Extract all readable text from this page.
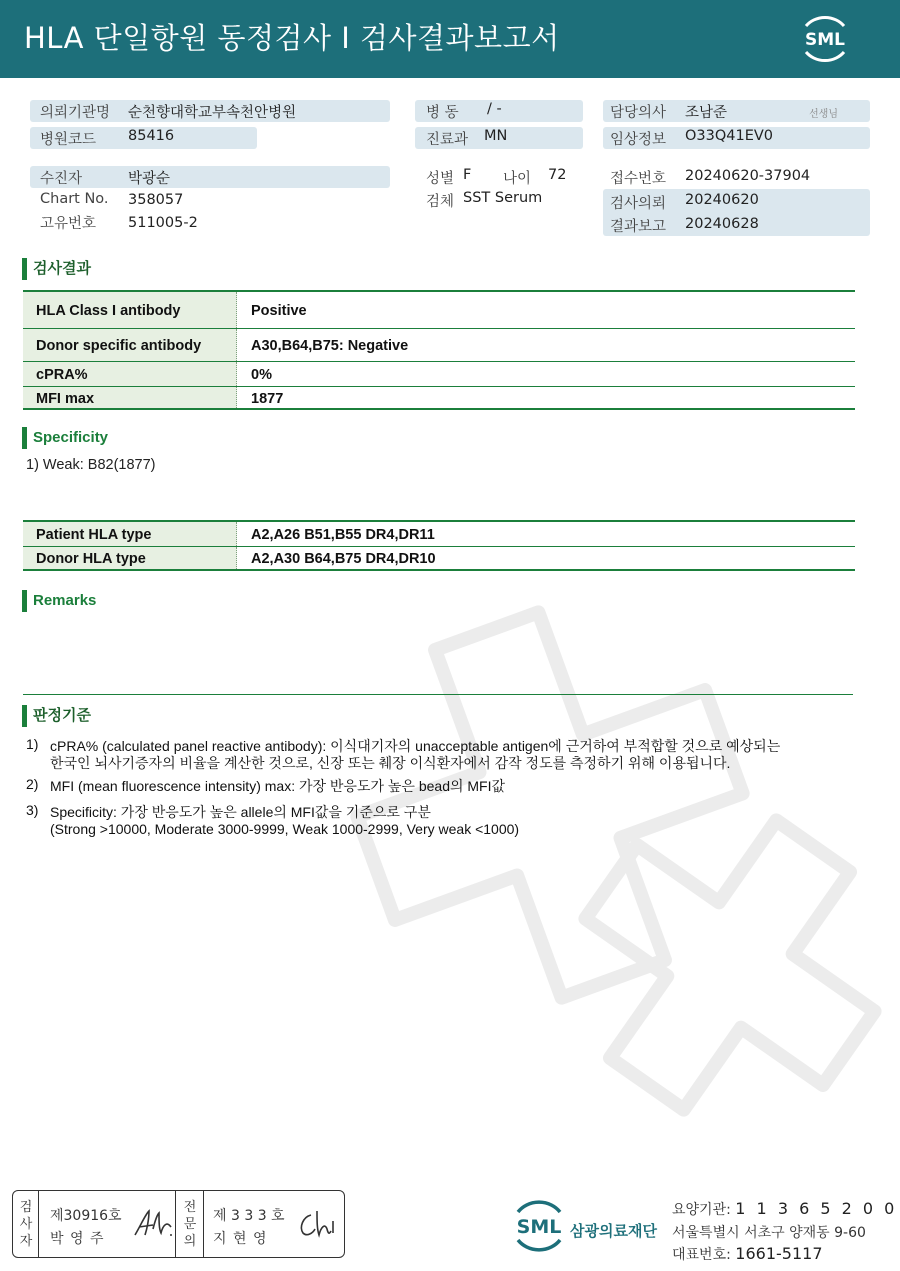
HLA 단일항원 동정검사 I 검사결과보고서	SML
의뢰기관명 순천향대학교부속천안병원
병원코드 85416
수진자	박광순
Chart No. 358057
고유번호 511005-2
병 동 / -
진료과 MN
성별 F 나이 72
검체 SST Serum
담당의사 조남준	선생님
임상정보 O33Q41EV0
접수번호 20240620-37904
검사의뢰 20240620
결과보고 20240628
검사결과
HLA Class I antibody	Positive
Donor specific antibody	A30,B64,B75: Negative
cPRA%	0%
MFI max	1877
Specificity
1) Weak: B82(1877)
Patient HLA type	A2,A26 B51,B55 DR4,DR11
Donor HLA type	A2,A30 B64,B75 DR4,DR10
Remarks
판정기준
1) cPRA% (calculated panel reactive antibody): 이식대기자의 unacceptable antigen에 근거하여 부적합할 것으로 예상되는
한국인 뇌사기증자의 비율을 계산한 것으로, 신장 또는 췌장 이식환자에서 감작 정도를 측정하기 위해 이용됩니다.
2) MFI (mean fluorescence intensity) max: 가장 반응도가 높은 bead의 MFI값
3) Specificity: 가장 반응도가 높은 allele의 MFI값을 기준으로 구분
(Strong >10000, Moderate 3000-9999, Weak 1000-2999, Very weak <1000)
검
사
자
제30916호
박 영 주
전
문
의
제 3 3 3 호
지 현 영
SML 삼광의료재단
요양기관: 1 1 3 6 5 2 0 0
서울특별시 서초구 양재동 9-60
대표번호: 1661-5117
